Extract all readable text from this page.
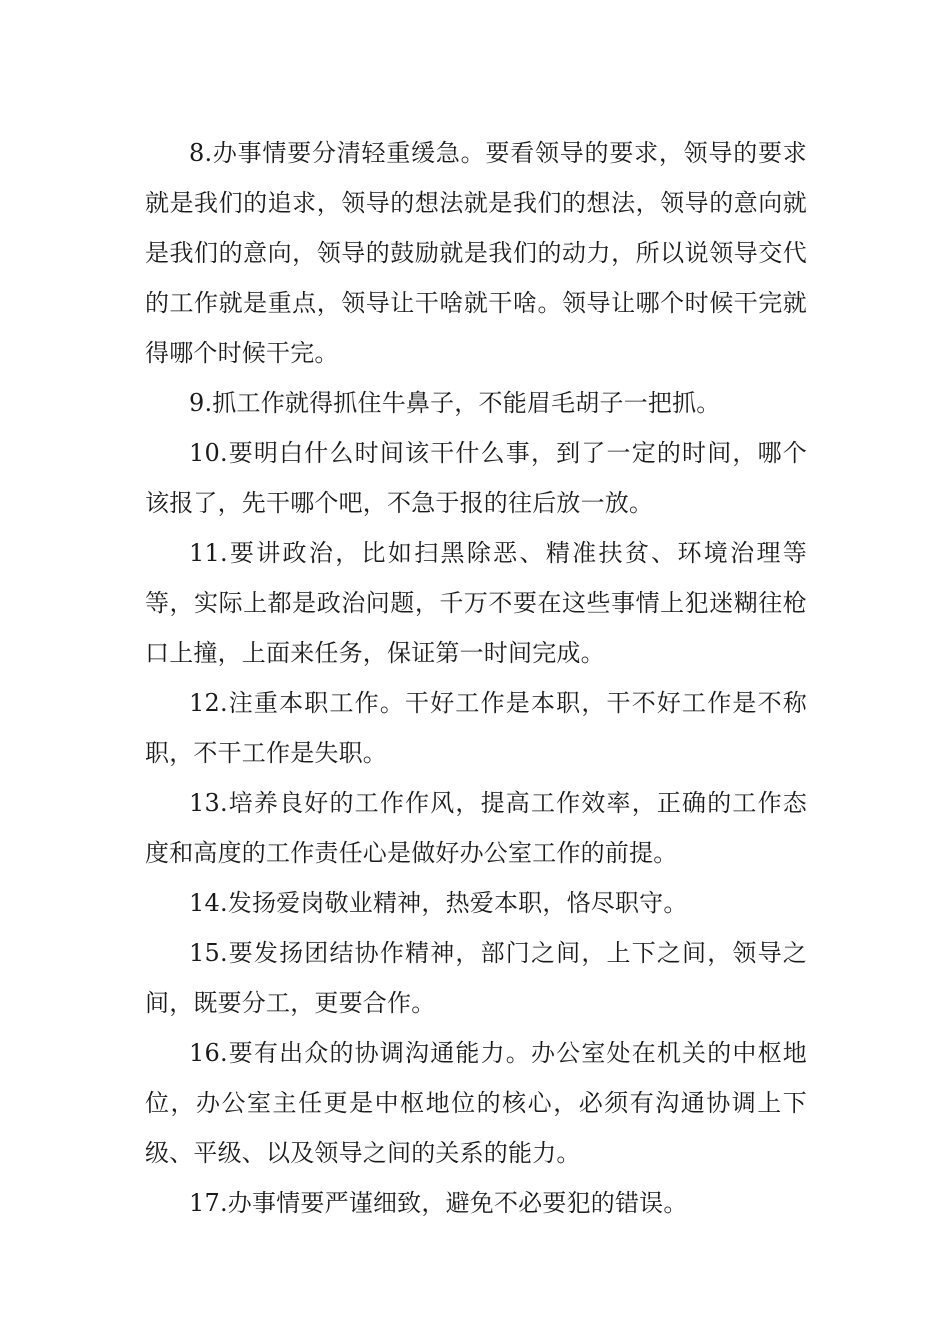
8.办事情要分清轻重缓急。要看领导的要求，领导的要求就是我们的追求，领导的想法就是我们的想法，领导的意向就是我们的意向，领导的鼓励就是我们的动力，所以说领导交代的工作就是重点，领导让干啥就干啥。领导让哪个时候干完就得哪个时候干完。

9.抓工作就得抓住牛鼻子，不能眉毛胡子一把抓。

10.要明白什么时间该干什么事，到了一定的时间，哪个该报了，先干哪个吧，不急于报的往后放一放。

11.要讲政治，比如扫黑除恶、精准扶贫、环境治理等等，实际上都是政治问题，千万不要在这些事情上犯迷糊往枪口上撞，上面来任务，保证第一时间完成。

12.注重本职工作。干好工作是本职，干不好工作是不称职，不干工作是失职。

13.培养良好的工作作风，提高工作效率，正确的工作态度和高度的工作责任心是做好办公室工作的前提。

14.发扬爱岗敬业精神，热爱本职，恪尽职守。

15.要发扬团结协作精神，部门之间，上下之间，领导之间，既要分工，更要合作。

16.要有出众的协调沟通能力。办公室处在机关的中枢地位，办公室主任更是中枢地位的核心，必须有沟通协调上下级、平级、以及领导之间的关系的能力。

17.办事情要严谨细致，避免不必要犯的错误。
